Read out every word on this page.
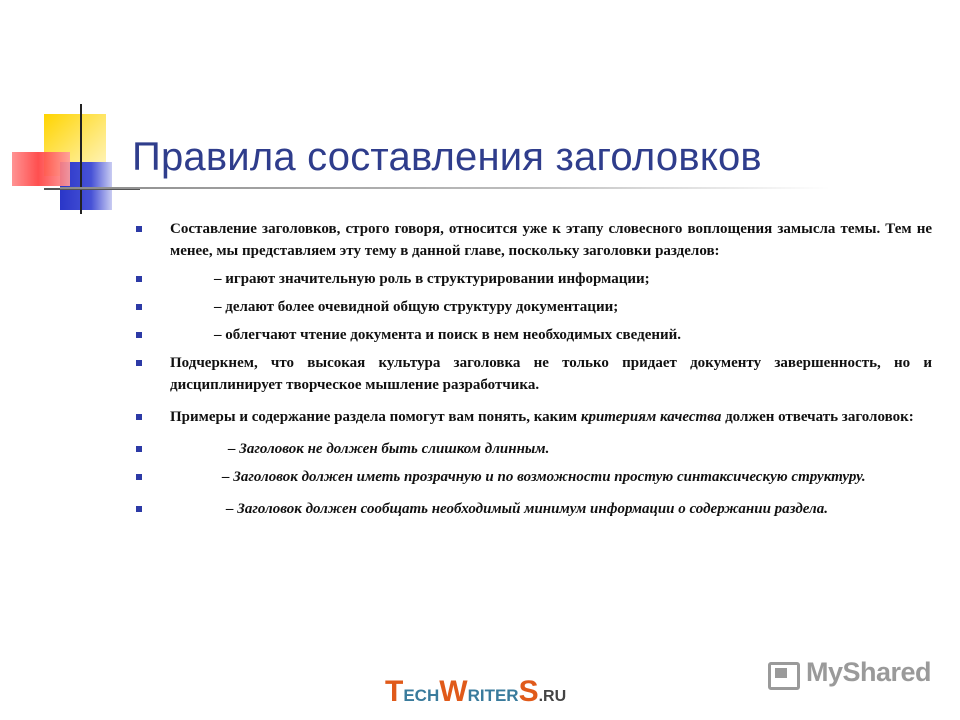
Правила составления заголовков
Составление заголовков, строго говоря, относится уже к этапу словесного воплощения замысла темы. Тем не менее, мы представляем эту тему в данной главе, поскольку заголовки разделов:
– играют значительную роль в структурировании информации;
– делают более очевидной общую структуру документации;
– облегчают чтение документа и поиск в нем необходимых сведений.
Подчеркнем, что высокая культура заголовка не только придает документу завершенность, но и дисциплинирует творческое мышление разработчика.
Примеры и содержание раздела помогут вам понять, каким критериям качества должен отвечать заголовок:
– Заголовок не должен быть слишком длинным.
– Заголовок должен иметь прозрачную и по возможности простую синтаксическую структуру.
– Заголовок должен сообщать необходимый минимум информации о содержании раздела.
TECHWRITERS.RU
MyShared
